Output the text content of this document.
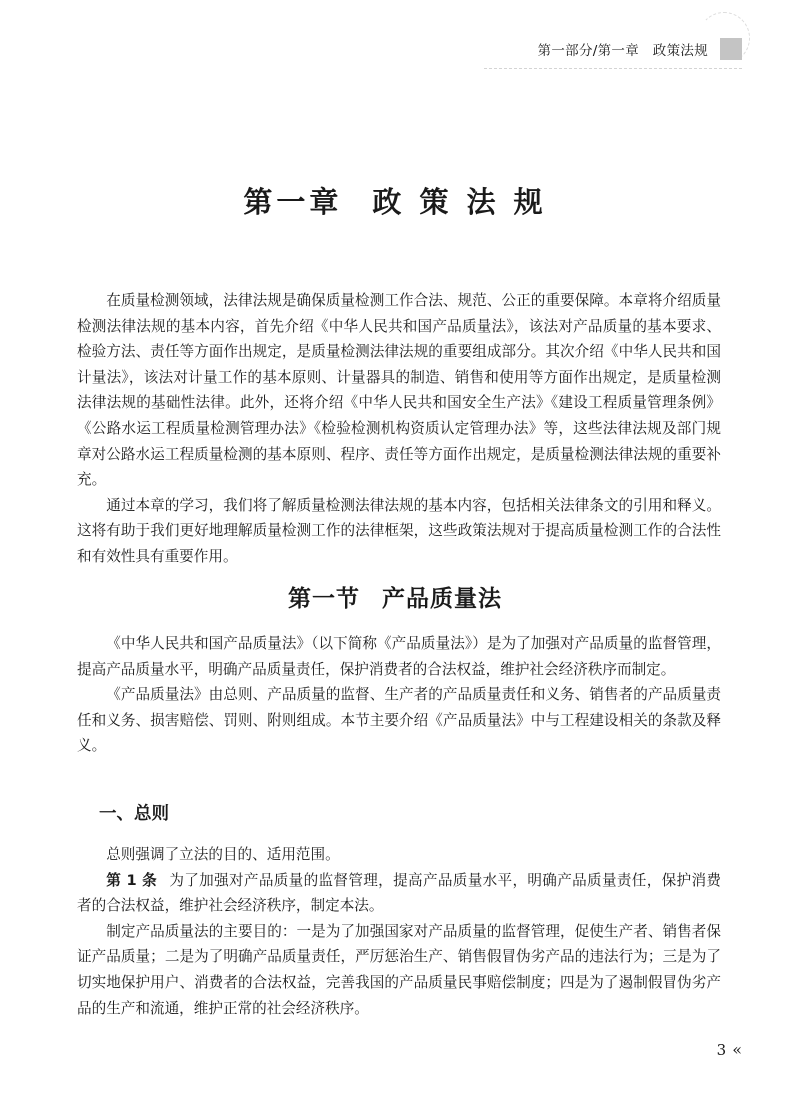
第一部分/第一章　政策法规
第一章 政 策 法 规

在质量检测领域，法律法规是确保质量检测工作合法、规范、公正的重要保障。本章将介绍质量检测法律法规的基本内容，首先介绍《中华人民共和国产品质量法》，该法对产品质量的基本要求、检验方法、责任等方面作出规定，是质量检测法律法规的重要组成部分。其次介绍《中华人民共和国计量法》，该法对计量工作的基本原则、计量器具的制造、销售和使用等方面作出规定，是质量检测法律法规的基础性法律。此外，还将介绍《中华人民共和国安全生产法》《建设工程质量管理条例》《公路水运工程质量检测管理办法》《检验检测机构资质认定管理办法》等，这些法律法规及部门规章对公路水运工程质量检测的基本原则、程序、责任等方面作出规定，是质量检测法律法规的重要补充。

通过本章的学习，我们将了解质量检测法律法规的基本内容，包括相关法律条文的引用和释义。这将有助于我们更好地理解质量检测工作的法律框架，这些政策法规对于提高质量检测工作的合法性和有效性具有重要作用。

第一节 产品质量法

《中华人民共和国产品质量法》（以下简称《产品质量法》）是为了加强对产品质量的监督管理，提高产品质量水平，明确产品质量责任，保护消费者的合法权益，维护社会经济秩序而制定。

《产品质量法》由总则、产品质量的监督、生产者的产品质量责任和义务、销售者的产品质量责任和义务、损害赔偿、罚则、附则组成。本节主要介绍《产品质量法》中与工程建设相关的条款及释义。

一、总则

总则强调了立法的目的、适用范围。

第 1 条 为了加强对产品质量的监督管理，提高产品质量水平，明确产品质量责任，保护消费者的合法权益，维护社会经济秩序，制定本法。

制定产品质量法的主要目的：一是为了加强国家对产品质量的监督管理，促使生产者、销售者保证产品质量；二是为了明确产品质量责任，严厉惩治生产、销售假冒伪劣产品的违法行为；三是为了切实地保护用户、消费者的合法权益，完善我国的产品质量民事赔偿制度；四是为了遏制假冒伪劣产品的生产和流通，维护正常的社会经济秩序。

3 «
